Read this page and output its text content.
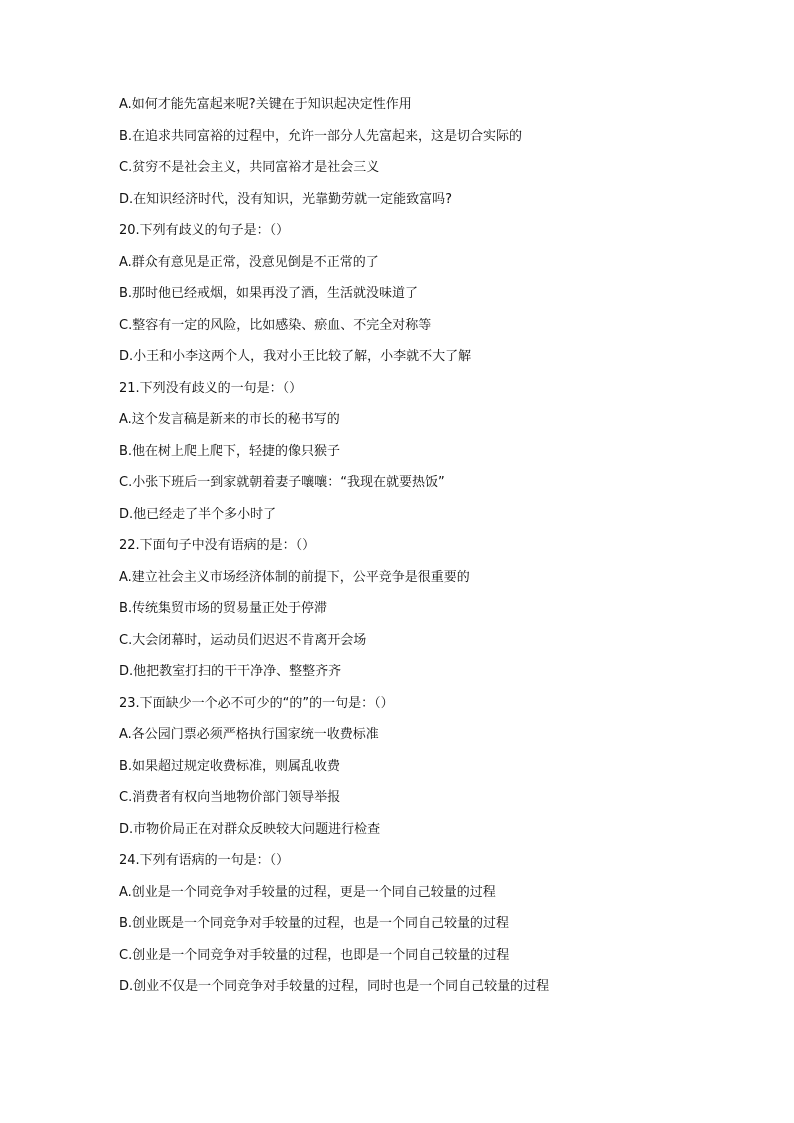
A.如何才能先富起来呢?关键在于知识起决定性作用
B.在追求共同富裕的过程中，允许一部分人先富起来，这是切合实际的
C.贫穷不是社会主义，共同富裕才是社会三义
D.在知识经济时代，没有知识，光靠勤劳就一定能致富吗?
20.下列有歧义的句子是：（）
A.群众有意见是正常，没意见倒是不正常的了
B.那时他已经戒烟，如果再没了酒，生活就没味道了
C.整容有一定的风险，比如感染、瘀血、不完全对称等
D.小王和小李这两个人，我对小王比较了解，小李就不大了解
21.下列没有歧义的一句是：（）
A.这个发言稿是新来的市长的秘书写的
B.他在树上爬上爬下，轻捷的像只猴子
C.小张下班后一到家就朝着妻子嚷嚷：“我现在就要热饭”
D.他已经走了半个多小时了
22.下面句子中没有语病的是：（）
A.建立社会主义市场经济体制的前提下，公平竞争是很重要的
B.传统集贸市场的贸易量正处于停滞
C.大会闭幕时，运动员们迟迟不肯离开会场
D.他把教室打扫的干干净净、整整齐齐
23.下面缺少一个必不可少的“的”的一句是：（）
A.各公园门票必须严格执行国家统一收费标准
B.如果超过规定收费标准，则属乱收费
C.消费者有权向当地物价部门领导举报
D.市物价局正在对群众反映较大问题进行检查
24.下列有语病的一句是：（）
A.创业是一个同竞争对手较量的过程，更是一个同自己较量的过程
B.创业既是一个同竞争对手较量的过程，也是一个同自己较量的过程
C.创业是一个同竞争对手较量的过程，也即是一个同自己较量的过程
D.创业不仅是一个同竞争对手较量的过程，同时也是一个同自己较量的过程
